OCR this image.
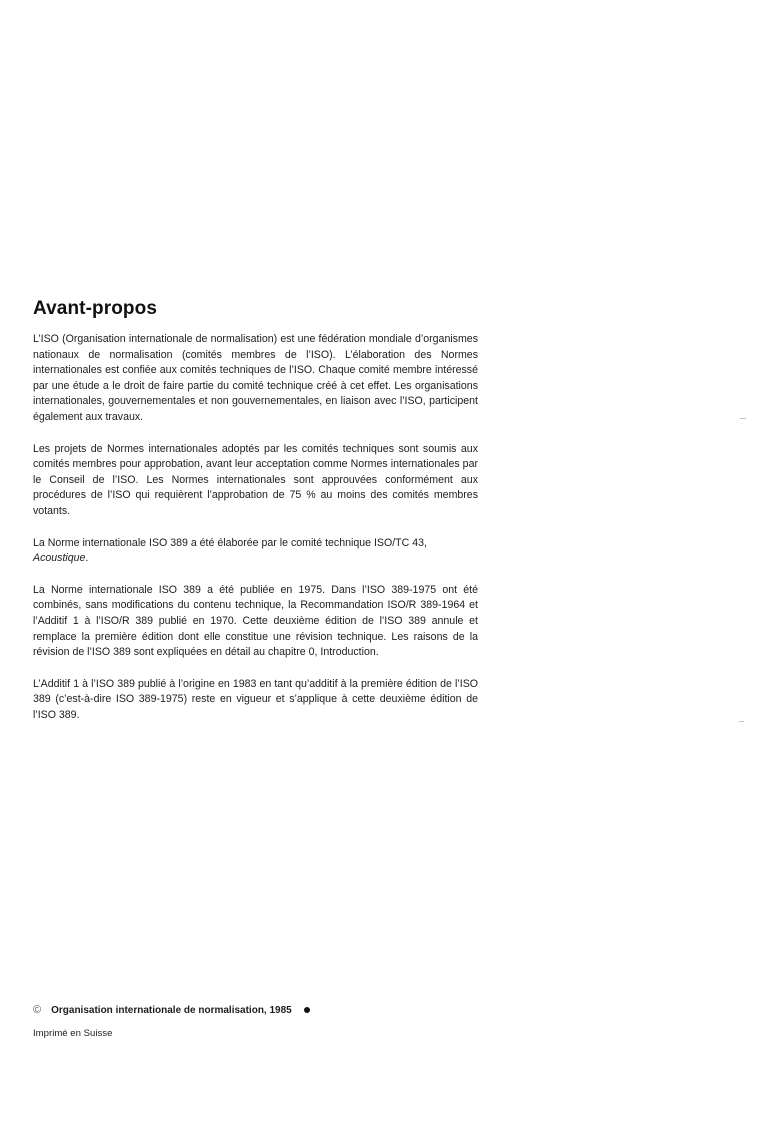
Avant-propos

L’ISO (Organisation internationale de normalisation) est une fédération mondiale d’organismes nationaux de normalisation (comités membres de l’ISO). L’élaboration des Normes internationales est confiée aux comités techniques de l’ISO. Chaque comité membre intéressé par une étude a le droit de faire partie du comité technique créé à cet effet. Les organisations internationales, gouvernementales et non gouvernementales, en liaison avec l’ISO, participent également aux travaux.

Les projets de Normes internationales adoptés par les comités techniques sont soumis aux comités membres pour approbation, avant leur acceptation comme Normes internationales par le Conseil de l’ISO. Les Normes internationales sont approuvées conformément aux procédures de l’ISO qui requièrent l’approbation de 75 % au moins des comités membres votants.

La Norme internationale ISO 389 a été élaborée par le comité technique ISO/TC 43,
Acoustique.

La Norme internationale ISO 389 a été publiée en 1975. Dans l’ISO 389-1975 ont été combinés, sans modifications du contenu technique, la Recommandation ISO/R 389-1964 et l’Additif 1 à l’ISO/R 389 publié en 1970. Cette deuxième édition de l’ISO 389 annule et remplace la première édition dont elle constitue une révision technique. Les raisons de la révision de l’ISO 389 sont expliquées en détail au chapitre 0, Introduction.

L’Additif 1 à l’ISO 389 publié à l’origine en 1983 en tant qu’additif à la première édition de l’ISO 389 (c’est-à-dire ISO 389-1975) reste en vigueur et s’applique à cette deuxième édition de l’ISO 389.

© Organisation internationale de normalisation, 1985
Imprimé en Suisse
